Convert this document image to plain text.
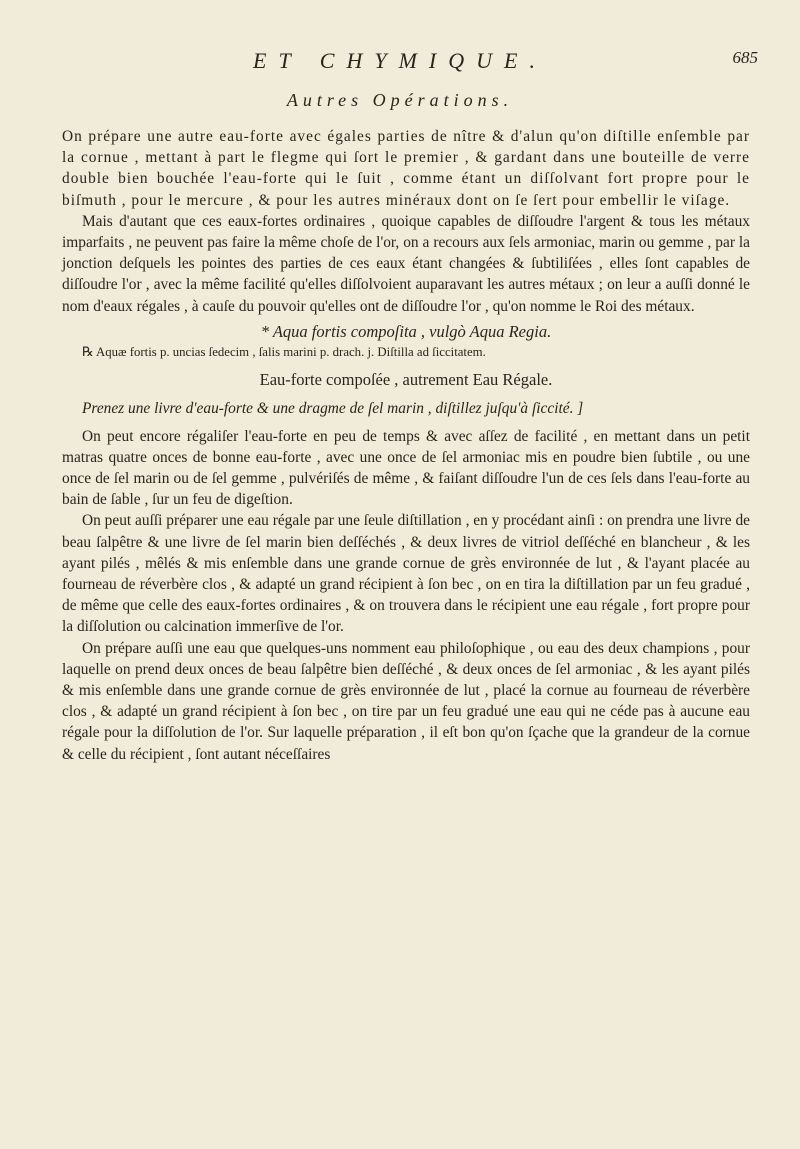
ET CHYMIQUE.	685
Autres Opérations.

On prépare une autre eau-forte avec égales parties de nître & d'alun qu'on diſtille enſemble par la cornue , mettant à part le flegme qui ſort le premier , & gardant dans une bouteille de verre double bien bouchée l'eau-forte qui le ſuit , comme étant un diſſolvant fort propre pour le biſmuth , pour le mercure , & pour les autres minéraux dont on ſe ſert pour embellir le viſage.

Mais d'autant que ces eaux-fortes ordinaires , quoique capables de diſſoudre l'argent & tous les métaux imparfaits , ne peuvent pas faire la même choſe de l'or, on a recours aux ſels armoniac, marin ou gemme , par la jonction deſquels les pointes des parties de ces eaux étant changées & ſubtiliſées , elles ſont capables de diſſoudre l'or , avec la même facilité qu'elles diſſolvoient auparavant les autres métaux ; on leur a auſſi donné le nom d'eaux régales , à cauſe du pouvoir qu'elles ont de diſſoudre l'or , qu'on nomme le Roi des métaux.

* Aqua fortis compoſita , vulgò Aqua Regia.

℞ Aquæ fortis p. uncias ſedecim , ſalis marini p. drach. j. Diſtilla ad ſiccitatem.

Eau-forte compoſée , autrement Eau Régale.

Prenez une livre d'eau-forte & une dragme de ſel marin , diſtillez juſqu'à ſiccité. ]

On peut encore régaliſer l'eau-forte en peu de temps & avec aſſez de facilité , en mettant dans un petit matras quatre onces de bonne eau-forte , avec une once de ſel armoniac mis en poudre bien ſubtile , ou une once de ſel marin ou de ſel gemme , pulvériſés de même , & faiſant diſſoudre l'un de ces ſels dans l'eau-forte au bain de ſable , ſur un feu de digeſtion.

On peut auſſi préparer une eau régale par une ſeule diſtillation , en y procédant ainſi : on prendra une livre de beau ſalpêtre & une livre de ſel marin bien deſſéchés , & deux livres de vitriol deſſéché en blancheur , & les ayant pilés , mêlés & mis enſemble dans une grande cornue de grès environnée de lut , & l'ayant placée au fourneau de réverbère clos , & adapté un grand récipient à ſon bec , on en tira la diſtillation par un feu gradué , de même que celle des eaux-fortes ordinaires , & on trouvera dans le récipient une eau régale , fort propre pour la diſſolution ou calcination immerſive de l'or.

On prépare auſſi une eau que quelques-uns nomment eau philoſophique , ou eau des deux champions , pour laquelle on prend deux onces de beau ſalpêtre bien deſſéché , & deux onces de ſel armoniac , & les ayant pilés & mis enſemble dans une grande cornue de grès environnée de lut , placé la cornue au fourneau de réverbère clos , & adapté un grand récipient à ſon bec , on tire par un feu gradué une eau qui ne céde pas à aucune eau régale pour la diſſolution de l'or. Sur laquelle préparation , il eſt bon qu'on ſçache que la grandeur de la cornue & celle du récipient , ſont autant néceſſaires
